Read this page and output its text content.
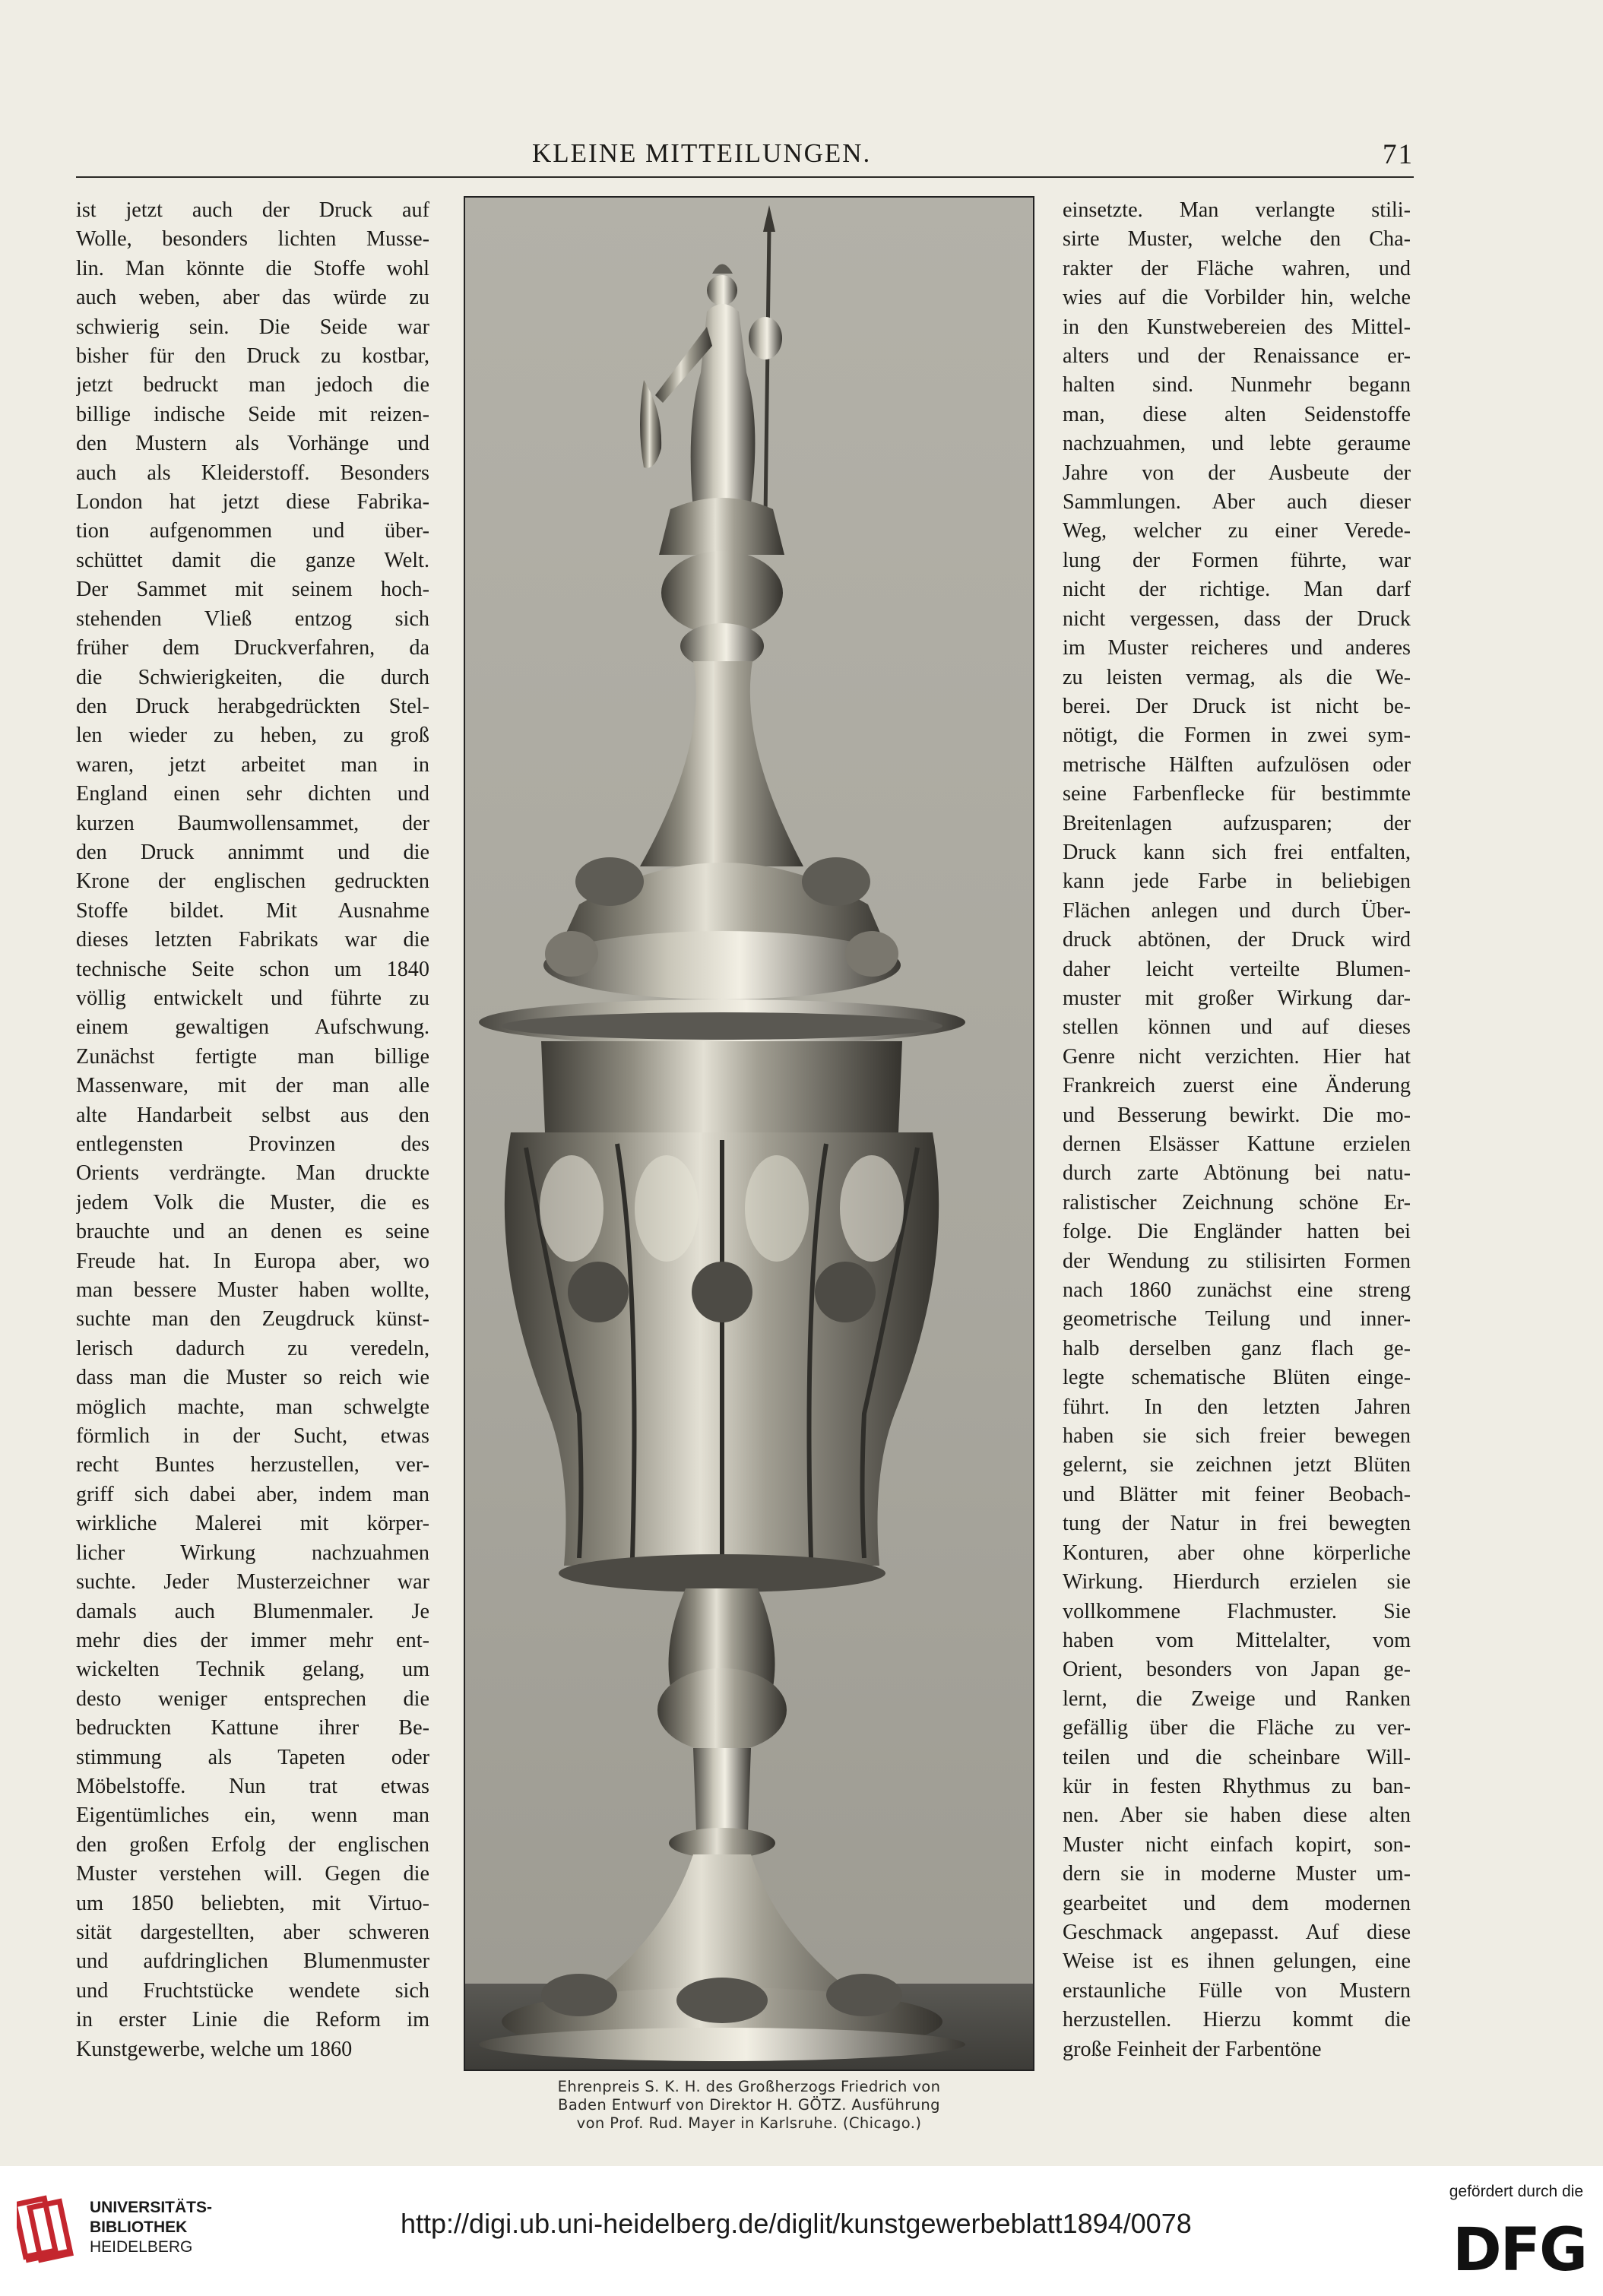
KLEINE MITTEILUNGEN.	71
ist jetzt auch der Druck auf
Wolle, besonders lichten Musse-
lin. Man könnte die Stoffe wohl
auch weben, aber das würde zu
schwierig sein. Die Seide war
bisher für den Druck zu kostbar,
jetzt bedruckt man jedoch die
billige indische Seide mit reizen-
den Mustern als Vorhänge und
auch als Kleiderstoff. Besonders
London hat jetzt diese Fabrika-
tion aufgenommen und über-
schüttet damit die ganze Welt.
Der Sammet mit seinem hoch-
stehenden Vließ entzog sich
früher dem Druckverfahren, da
die Schwierigkeiten, die durch
den Druck herabgedrückten Stel-
len wieder zu heben, zu groß
waren, jetzt arbeitet man in
England einen sehr dichten und
kurzen Baumwollensammet, der
den Druck annimmt und die
Krone der englischen gedruckten
Stoffe bildet. Mit Ausnahme
dieses letzten Fabrikats war die
technische Seite schon um 1840
völlig entwickelt und führte zu
einem gewaltigen Aufschwung.
Zunächst fertigte man billige
Massenware, mit der man alle
alte Handarbeit selbst aus den
entlegensten Provinzen des
Orients verdrängte. Man druckte
jedem Volk die Muster, die es
brauchte und an denen es seine
Freude hat. In Europa aber, wo
man bessere Muster haben wollte,
suchte man den Zeugdruck künst-
lerisch dadurch zu veredeln,
dass man die Muster so reich wie
möglich machte, man schwelgte
förmlich in der Sucht, etwas
recht Buntes herzustellen, ver-
griff sich dabei aber, indem man
wirkliche Malerei mit körper-
licher Wirkung nachzuahmen
suchte. Jeder Musterzeichner war
damals auch Blumenmaler. Je
mehr dies der immer mehr ent-
wickelten Technik gelang, um
desto weniger entsprechen die
bedruckten Kattune ihrer Be-
stimmung als Tapeten oder
Möbelstoffe. Nun trat etwas
Eigentümliches ein, wenn man
den großen Erfolg der englischen
Muster verstehen will. Gegen die
um 1850 beliebten, mit Virtuo-
sität dargestellten, aber schweren
und aufdringlichen Blumenmuster
und Fruchtstücke wendete sich
in erster Linie die Reform im
Kunstgewerbe, welche um 1860
einsetzte. Man verlangte stili-
sirte Muster, welche den Cha-
rakter der Fläche wahren, und
wies auf die Vorbilder hin, welche
in den Kunstwebereien des Mittel-
alters und der Renaissance er-
halten sind. Nunmehr begann
man, diese alten Seidenstoffe
nachzuahmen, und lebte geraume
Jahre von der Ausbeute der
Sammlungen. Aber auch dieser
Weg, welcher zu einer Verede-
lung der Formen führte, war
nicht der richtige. Man darf
nicht vergessen, dass der Druck
im Muster reicheres und anderes
zu leisten vermag, als die We-
berei. Der Druck ist nicht be-
nötigt, die Formen in zwei sym-
metrische Hälften aufzulösen oder
seine Farbenflecke für bestimmte
Breitenlagen aufzusparen; der
Druck kann sich frei entfalten,
kann jede Farbe in beliebigen
Flächen anlegen und durch Über-
druck abtönen, der Druck wird
daher leicht verteilte Blumen-
muster mit großer Wirkung dar-
stellen können und auf dieses
Genre nicht verzichten. Hier hat
Frankreich zuerst eine Änderung
und Besserung bewirkt. Die mo-
dernen Elsässer Kattune erzielen
durch zarte Abtönung bei natu-
ralistischer Zeichnung schöne Er-
folge. Die Engländer hatten bei
der Wendung zu stilisirten Formen
nach 1860 zunächst eine streng
geometrische Teilung und inner-
halb derselben ganz flach ge-
legte schematische Blüten einge-
führt. In den letzten Jahren
haben sie sich freier bewegen
gelernt, sie zeichnen jetzt Blüten
und Blätter mit feiner Beobach-
tung der Natur in frei bewegten
Konturen, aber ohne körperliche
Wirkung. Hierdurch erzielen sie
vollkommene Flachmuster. Sie
haben vom Mittelalter, vom
Orient, besonders von Japan ge-
lernt, die Zweige und Ranken
gefällig über die Fläche zu ver-
teilen und die scheinbare Will-
kür in festen Rhythmus zu ban-
nen. Aber sie haben diese alten
Muster nicht einfach kopirt, son-
dern sie in moderne Muster um-
gearbeitet und dem modernen
Geschmack angepasst. Auf diese
Weise ist es ihnen gelungen, eine
erstaunliche Fülle von Mustern
herzustellen. Hierzu kommt die
große Feinheit der Farbentöne
Ehrenpreis S. K. H. des Großherzogs Friedrich von
Baden Entwurf von Direktor H. GÖTZ. Ausführung
von Prof. Rud. Mayer in Karlsruhe. (Chicago.)
UNIVERSITÄTS-
BIBLIOTHEK
HEIDELBERG
http://digi.ub.uni-heidelberg.de/diglit/kunstgewerbeblatt1894/0078
gefördert durch die
DFG
